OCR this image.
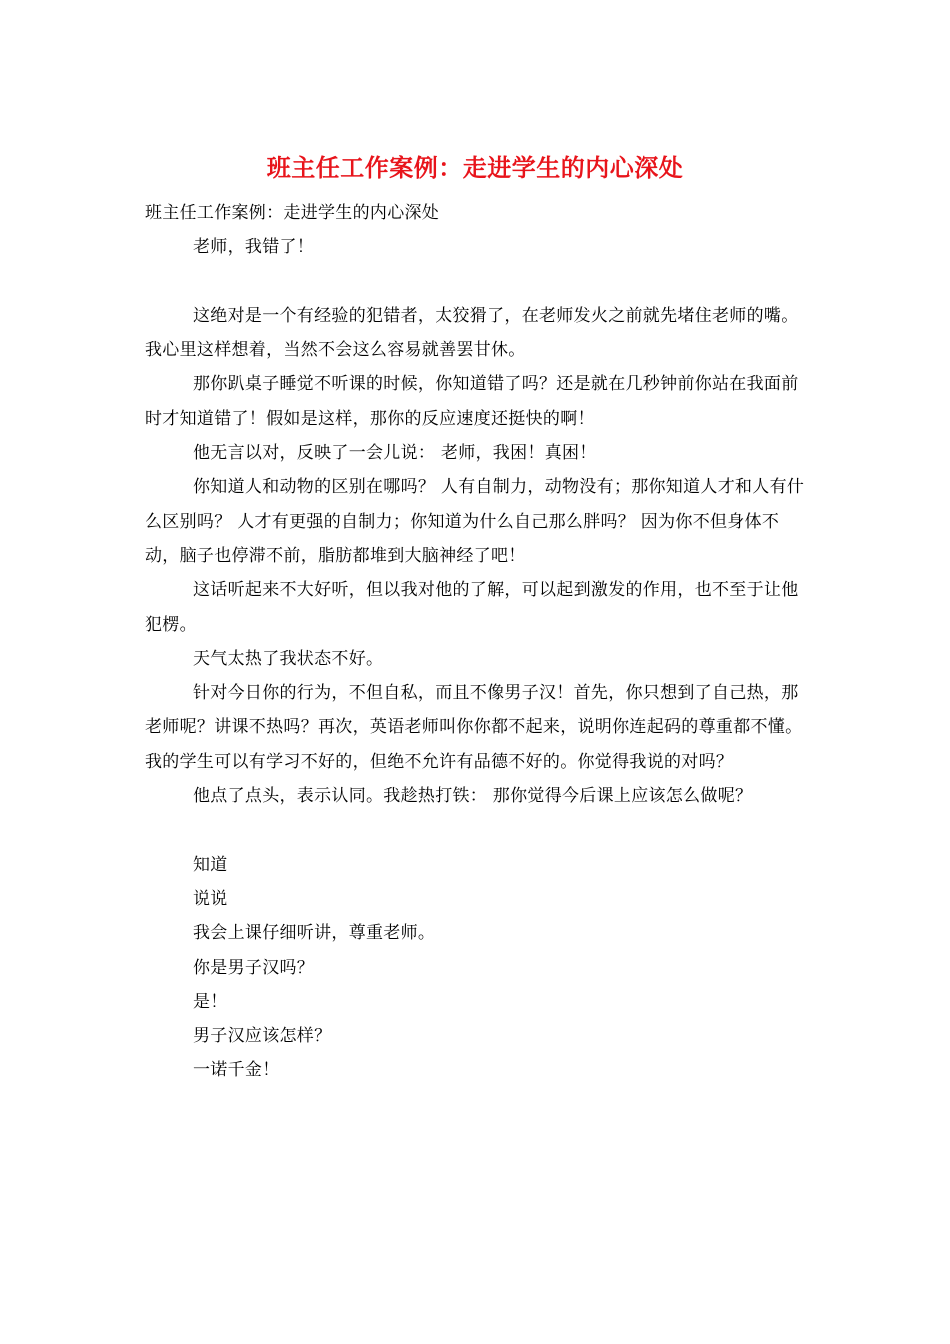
班主任工作案例：走进学生的内心深处

班主任工作案例：走进学生的内心深处

老师，我错了！

这绝对是一个有经验的犯错者，太狡猾了，在老师发火之前就先堵住老师的嘴。 我心里这样想着，当然不会这么容易就善罢甘休。

那你趴桌子睡觉不听课的时候，你知道错了吗？还是就在几秒钟前你站在我面前时才知道错了！假如是这样，那你的反应速度还挺快的啊！

他无言以对，反映了一会儿说： 老师，我困！真困！

你知道人和动物的区别在哪吗？ 人有自制力，动物没有；那你知道人才和人有什么区别吗？ 人才有更强的自制力；你知道为什么自己那么胖吗？ 因为你不但身体不动，脑子也停滞不前，脂肪都堆到大脑神经了吧！

这话听起来不大好听，但以我对他的了解，可以起到激发的作用，也不至于让他犯楞。

天气太热了我状态不好。

针对今日你的行为，不但自私，而且不像男子汉！首先，你只想到了自己热，那老师呢？讲课不热吗？再次，英语老师叫你你都不起来，说明你连起码的尊重都不懂。我的学生可以有学习不好的，但绝不允许有品德不好的。你觉得我说的对吗？

他点了点头，表示认同。我趁热打铁： 那你觉得今后课上应该怎么做呢？

知道

说说

我会上课仔细听讲，尊重老师。

你是男子汉吗？

是！

男子汉应该怎样？

一诺千金！
